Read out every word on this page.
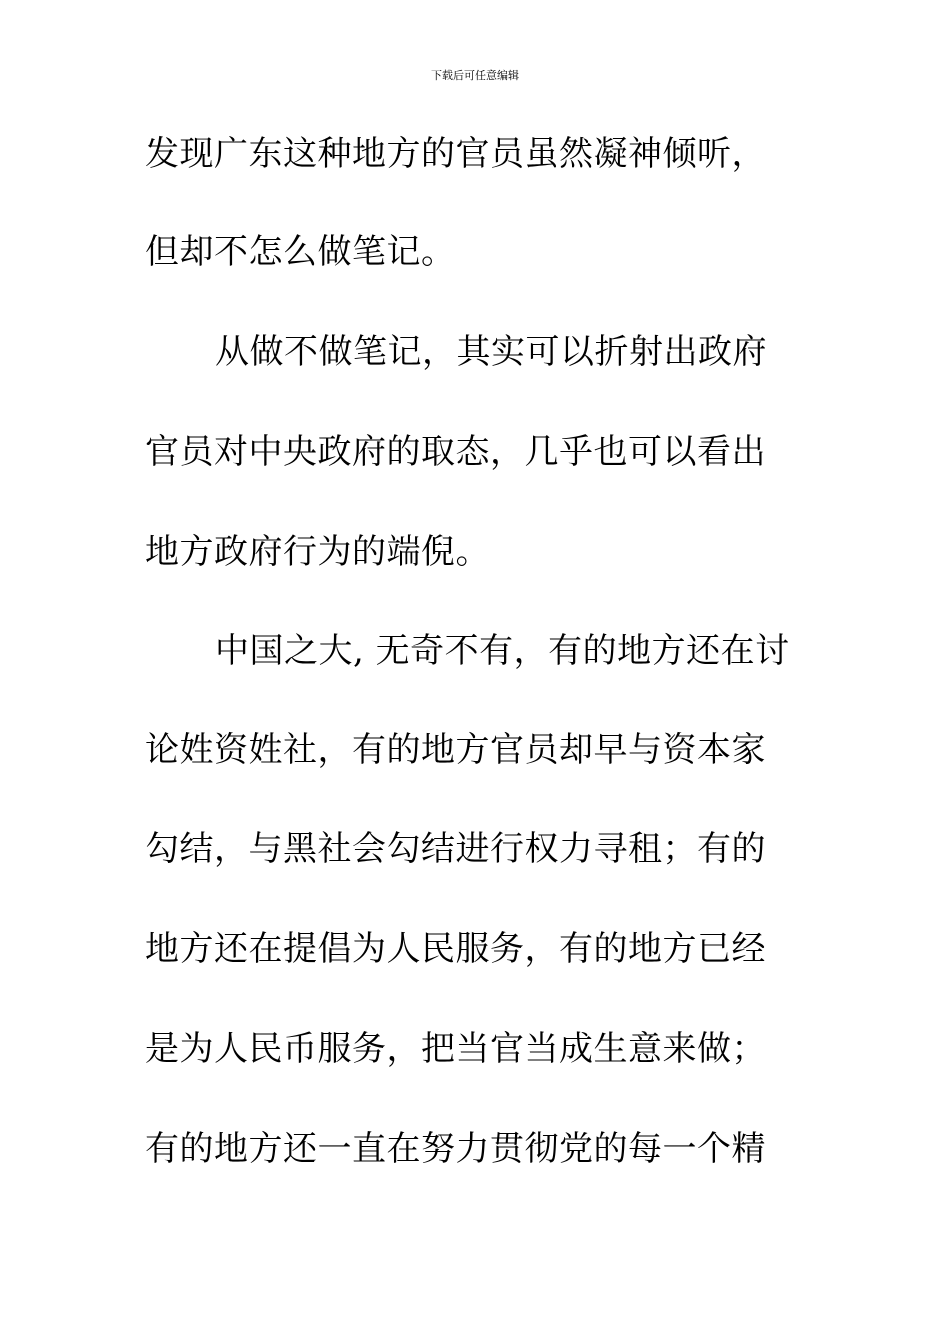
下载后可任意编辑
发现广东这种地方的官员虽然凝神倾听，
但却不怎么做笔记。
从做不做笔记，其实可以折射出政府
官员对中央政府的取态，几乎也可以看出
地方政府行为的端倪。
中国之大, 无奇不有，有的地方还在讨
论姓资姓社，有的地方官员却早与资本家
勾结，与黑社会勾结进行权力寻租；有的
地方还在提倡为人民服务，有的地方已经
是为人民币服务，把当官当成生意来做；
有的地方还一直在努力贯彻党的每一个精
